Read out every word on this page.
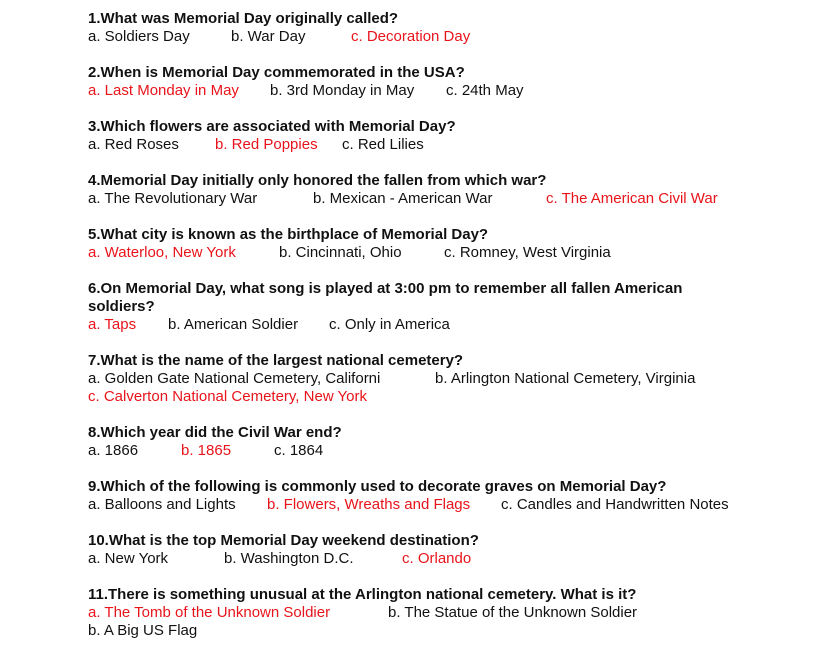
1.What was Memorial Day originally called?
a. Soldiers Day	b. War Day	c. Decoration Day
2.When is Memorial Day commemorated in the USA?
a. Last Monday in May b. 3rd Monday in May c. 24th May
3.Which flowers are associated with Memorial Day?
a. Red Roses b. Red Poppies c. Red Lilies
4.Memorial Day initially only honored the fallen from which war?
a. The Revolutionary War	b. Mexican - American War	c. The American Civil War
5.What city is known as the birthplace of Memorial Day?
a. Waterloo, New York	b. Cincinnati, Ohio	c. Romney, West Virginia
6.On Memorial Day, what song is played at 3:00 pm to remember all fallen American soldiers?
a. Taps b. American Soldier c. Only in America
7.What is the name of the largest national cemetery?
a. Golden Gate National Cemetery, Californi	b. Arlington National Cemetery, Virginia
c. Calverton National Cemetery, New York
8.Which year did the Civil War end?
a. 1866	b. 1865	c. 1864
9.Which of the following is commonly used to decorate graves on Memorial Day?
a. Balloons and Lights b. Flowers, Wreaths and Flags c. Candles and Handwritten Notes
10.What is the top Memorial Day weekend destination?
a. New York	b. Washington D.C.	c. Orlando
11.There is something unusual at the Arlington national cemetery. What is it?
a. The Tomb of the Unknown Soldier	b. The Statue of the Unknown Soldier
b. A Big US Flag
